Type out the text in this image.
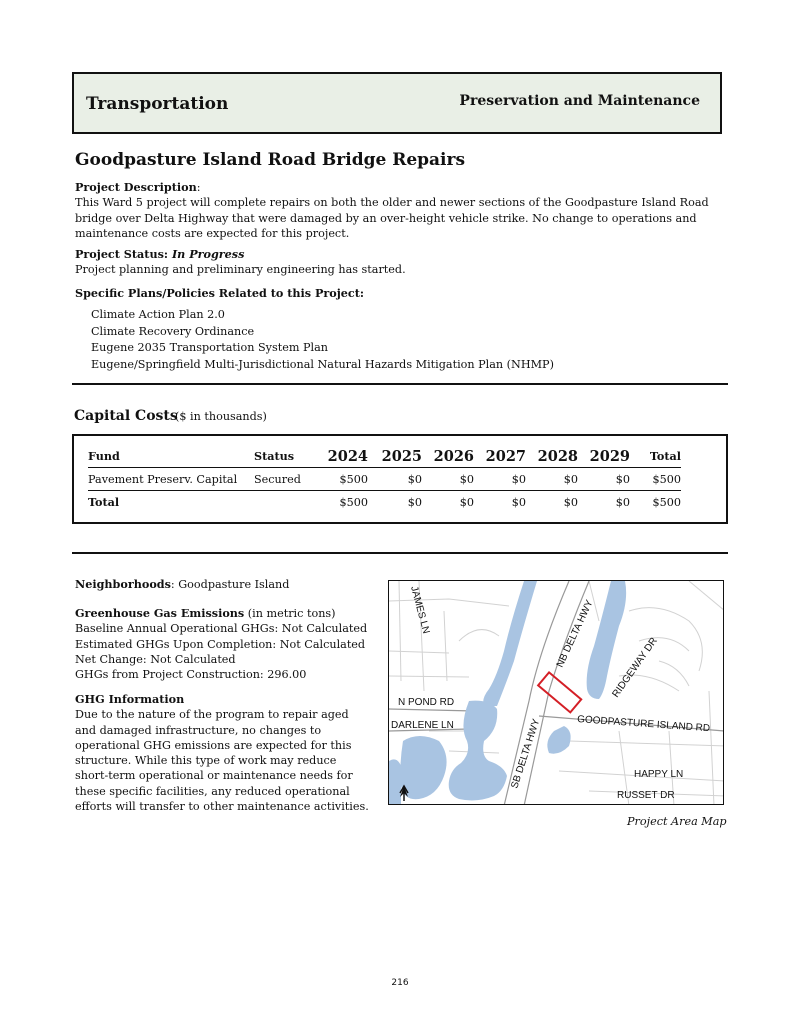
Transportation	Preservation and Maintenance
Goodpasture Island Road Bridge Repairs
Project Description:
This Ward 5 project will complete repairs on both the older and newer sections of the Goodpasture Island Road bridge over Delta Highway that were damaged by an over-height vehicle strike. No change to operations and maintenance costs are expected for this project.
Project Status: In Progress
Project planning and preliminary engineering has started.
Specific Plans/Policies Related to this Project:
Climate Action Plan 2.0
Climate Recovery Ordinance
Eugene 2035 Transportation System Plan
Eugene/Springfield Multi-Jurisdictional Natural Hazards Mitigation Plan (NHMP)
Capital Costs
($ in thousands)
Fund	Status	2024	2025	2026	2027	2028	2029	Total
Pavement Preserv. Capital	Secured	$500	$0	$0	$0	$0	$0	$500
Total		$500	$0	$0	$0	$0	$0	$500
Neighborhoods: Goodpasture Island
Greenhouse Gas Emissions (in metric tons)
Baseline Annual Operational GHGs: Not Calculated
Estimated GHGs Upon Completion: Not Calculated
Net Change: Not Calculated
GHGs from Project Construction: 296.00
GHG Information
Due to the nature of the program to repair aged and damaged infrastructure, no changes to operational GHG emissions are expected for this structure. While this type of work may reduce short-term operational or maintenance needs for these specific facilities, any reduced operational efforts will transfer to other maintenance activities.
JAMES LN	NB DELTA HWY RIDGEWAY DR
N POND RD
DARLENE LN	GOODPASTURE ISLAND RD
SB DELTA HWY	HAPPY LN
RUSSET DR
Project Area Map
216
